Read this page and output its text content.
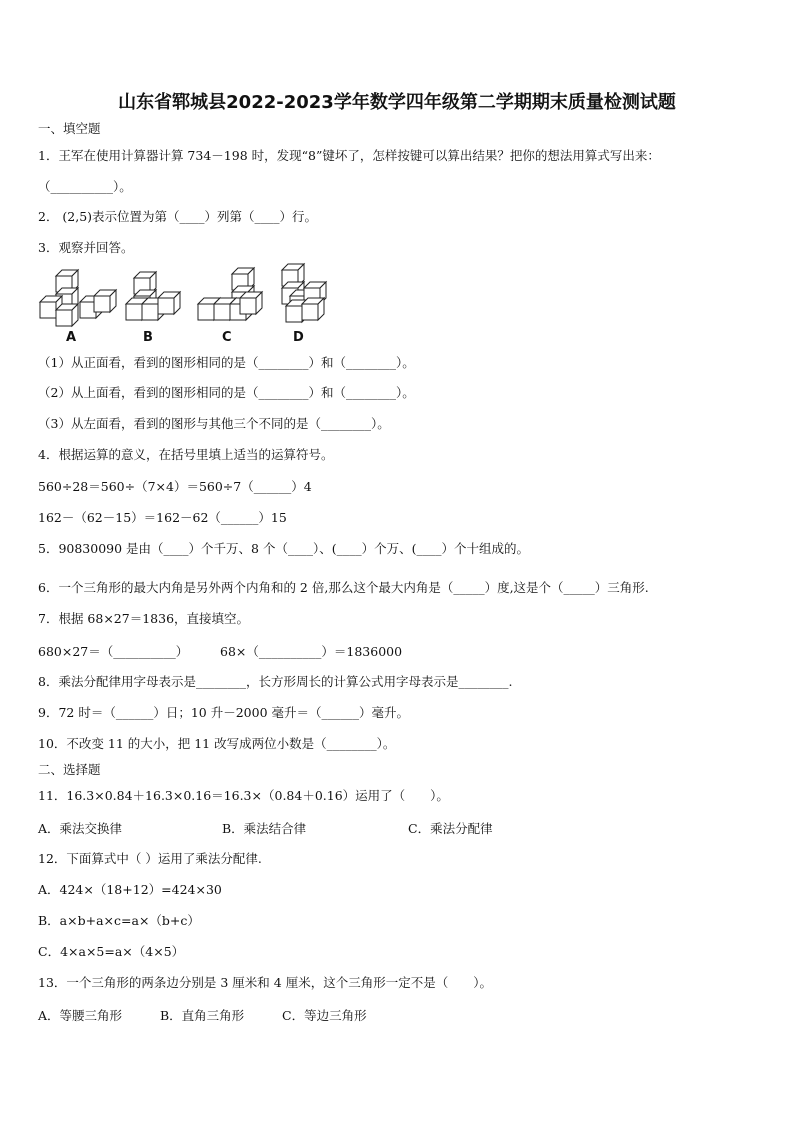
山东省郓城县2022-2023学年数学四年级第二学期期末质量检测试题
一、填空题
1．王军在使用计算器计算 734－198 时，发现“8”键坏了，怎样按键可以算出结果？把你的想法用算式写出来：
（__________）。
2． (2,5)表示位置为第（____）列第（____）行。
3．观察并回答。
A	B	C	D
（1）从正面看，看到的图形相同的是（________）和（________）。
（2）从上面看，看到的图形相同的是（________）和（________）。
（3）从左面看，看到的图形与其他三个不同的是（________）。
4．根据运算的意义，在括号里填上适当的运算符号。
560÷28＝560÷（7×4）＝560÷7（______）4
162－（62－15）＝162－62（______）15
5．90830090 是由（____）个千万、8 个（____）、(____）个万、(____）个十组成的。
6．一个三角形的最大内角是另外两个内角和的 2 倍,那么这个最大内角是（_____）度,这是个（_____）三角形.
7．根据 68×27＝1836，直接填空。
680×27＝（__________）	68×（__________）＝1836000
8．乘法分配律用字母表示是________，长方形周长的计算公式用字母表示是________.
9．72 时＝（______）日；10 升－2000 毫升＝（______）毫升。
10．不改变 11 的大小，把 11 改写成两位小数是（________）。
二、选择题
11．16.3×0.84＋16.3×0.16＝16.3×（0.84＋0.16）运用了（　　）。
A．乘法交换律	B．乘法结合律	C．乘法分配律
12．下面算式中（ ）运用了乘法分配律.
A．424×（18+12）=424×30
B．a×b+a×c=a×（b+c）
C．4×a×5=a×（4×5）
13．一个三角形的两条边分别是 3 厘米和 4 厘米，这个三角形一定不是（　　）。
A．等腰三角形	B．直角三角形	C．等边三角形
